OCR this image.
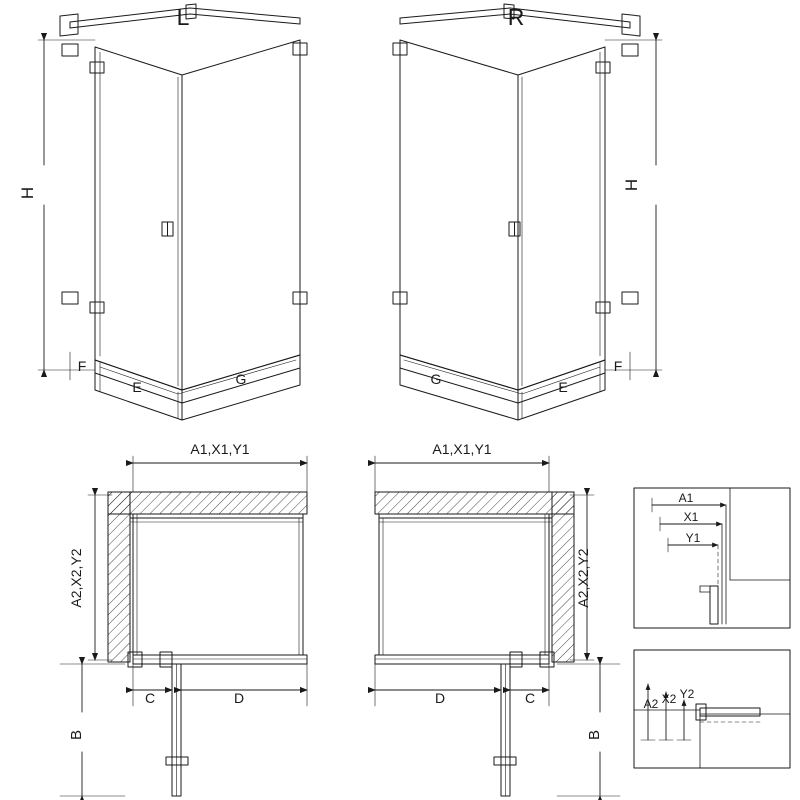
L	R
H
H
F
E	G
F
E
G
A1,X1,Y1	A1,X1,Y1
A2,X2,Y2	A2,X2,Y2
C	D	D	C
B	B
A1
X1
Y1
A2 X2 Y2
